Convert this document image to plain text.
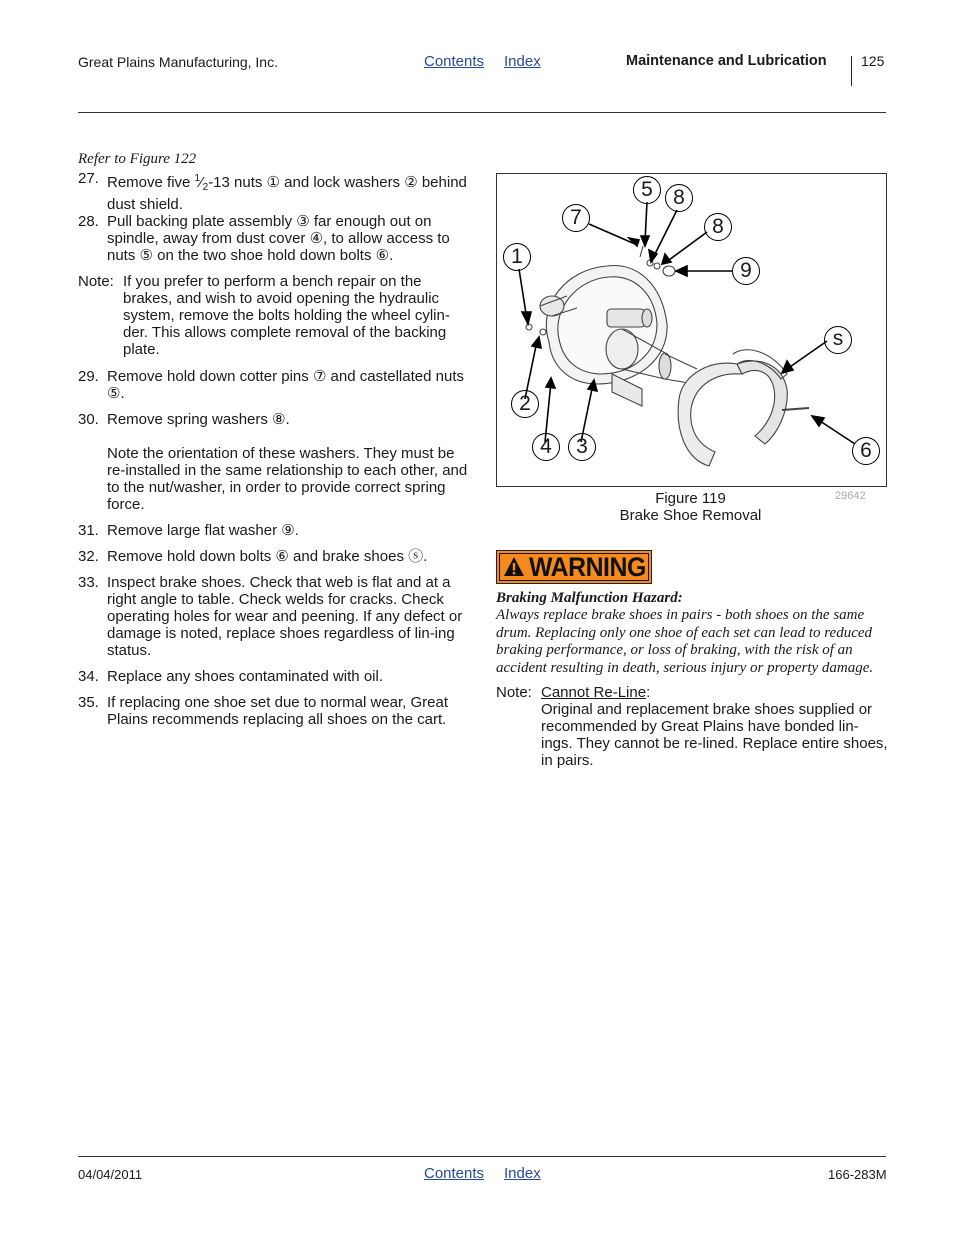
Great Plains Manufacturing, Inc.	Contents Index	Maintenance and Lubrication 125
Refer to Figure 122
27. Remove five $^1⁄_2-13$ nuts ① and lock washers ② behind dust shield.
28. Pull backing plate assembly ③ far enough out on spindle, away from dust cover ④, to allow access to nuts ⑤ on the two shoe hold down bolts ⑥.
Note: If you prefer to perform a bench repair on the brakes, and wish to avoid opening the hydraulic system, remove the bolts holding the wheel cylin-der. This allows complete removal of the backing plate.
29. Remove hold down cotter pins ⑦ and castellated nuts ⑤.
30. Remove spring washers ⑧.
Note the orientation of these washers. They must be re-installed in the same relationship to each other, and to the nut/washer, in order to provide correct spring force.
31. Remove large flat washer ⑨.
32. Remove hold down bolts ⑥ and brake shoes ⓢ.
33. Inspect brake shoes. Check that web is flat and at a right angle to table. Check welds for cracks. Check operating holes for wear and peening. If any defect or damage is noted, replace shoes regardless of lin-ing status.
34. Replace any shoes contaminated with oil.
35. If replacing one shoe set due to normal wear, Great Plains recommends replacing all shoes on the cart.
5 8
7	8
1
9
s
2
4	3	6
Figure 119
Brake Shoe Removal
29642
WARNING
Braking Malfunction Hazard:
Always replace brake shoes in pairs - both shoes on the same drum. Replacing only one shoe of each set can lead to reduced braking performance, or loss of braking, with the risk of an accident resulting in death, serious injury or property damage.
Note: Cannot Re-Line:
Original and replacement brake shoes supplied or recommended by Great Plains have bonded lin-ings. They cannot be re-lined. Replace entire shoes, in pairs.
04/04/2011	Contents Index	166-283M
